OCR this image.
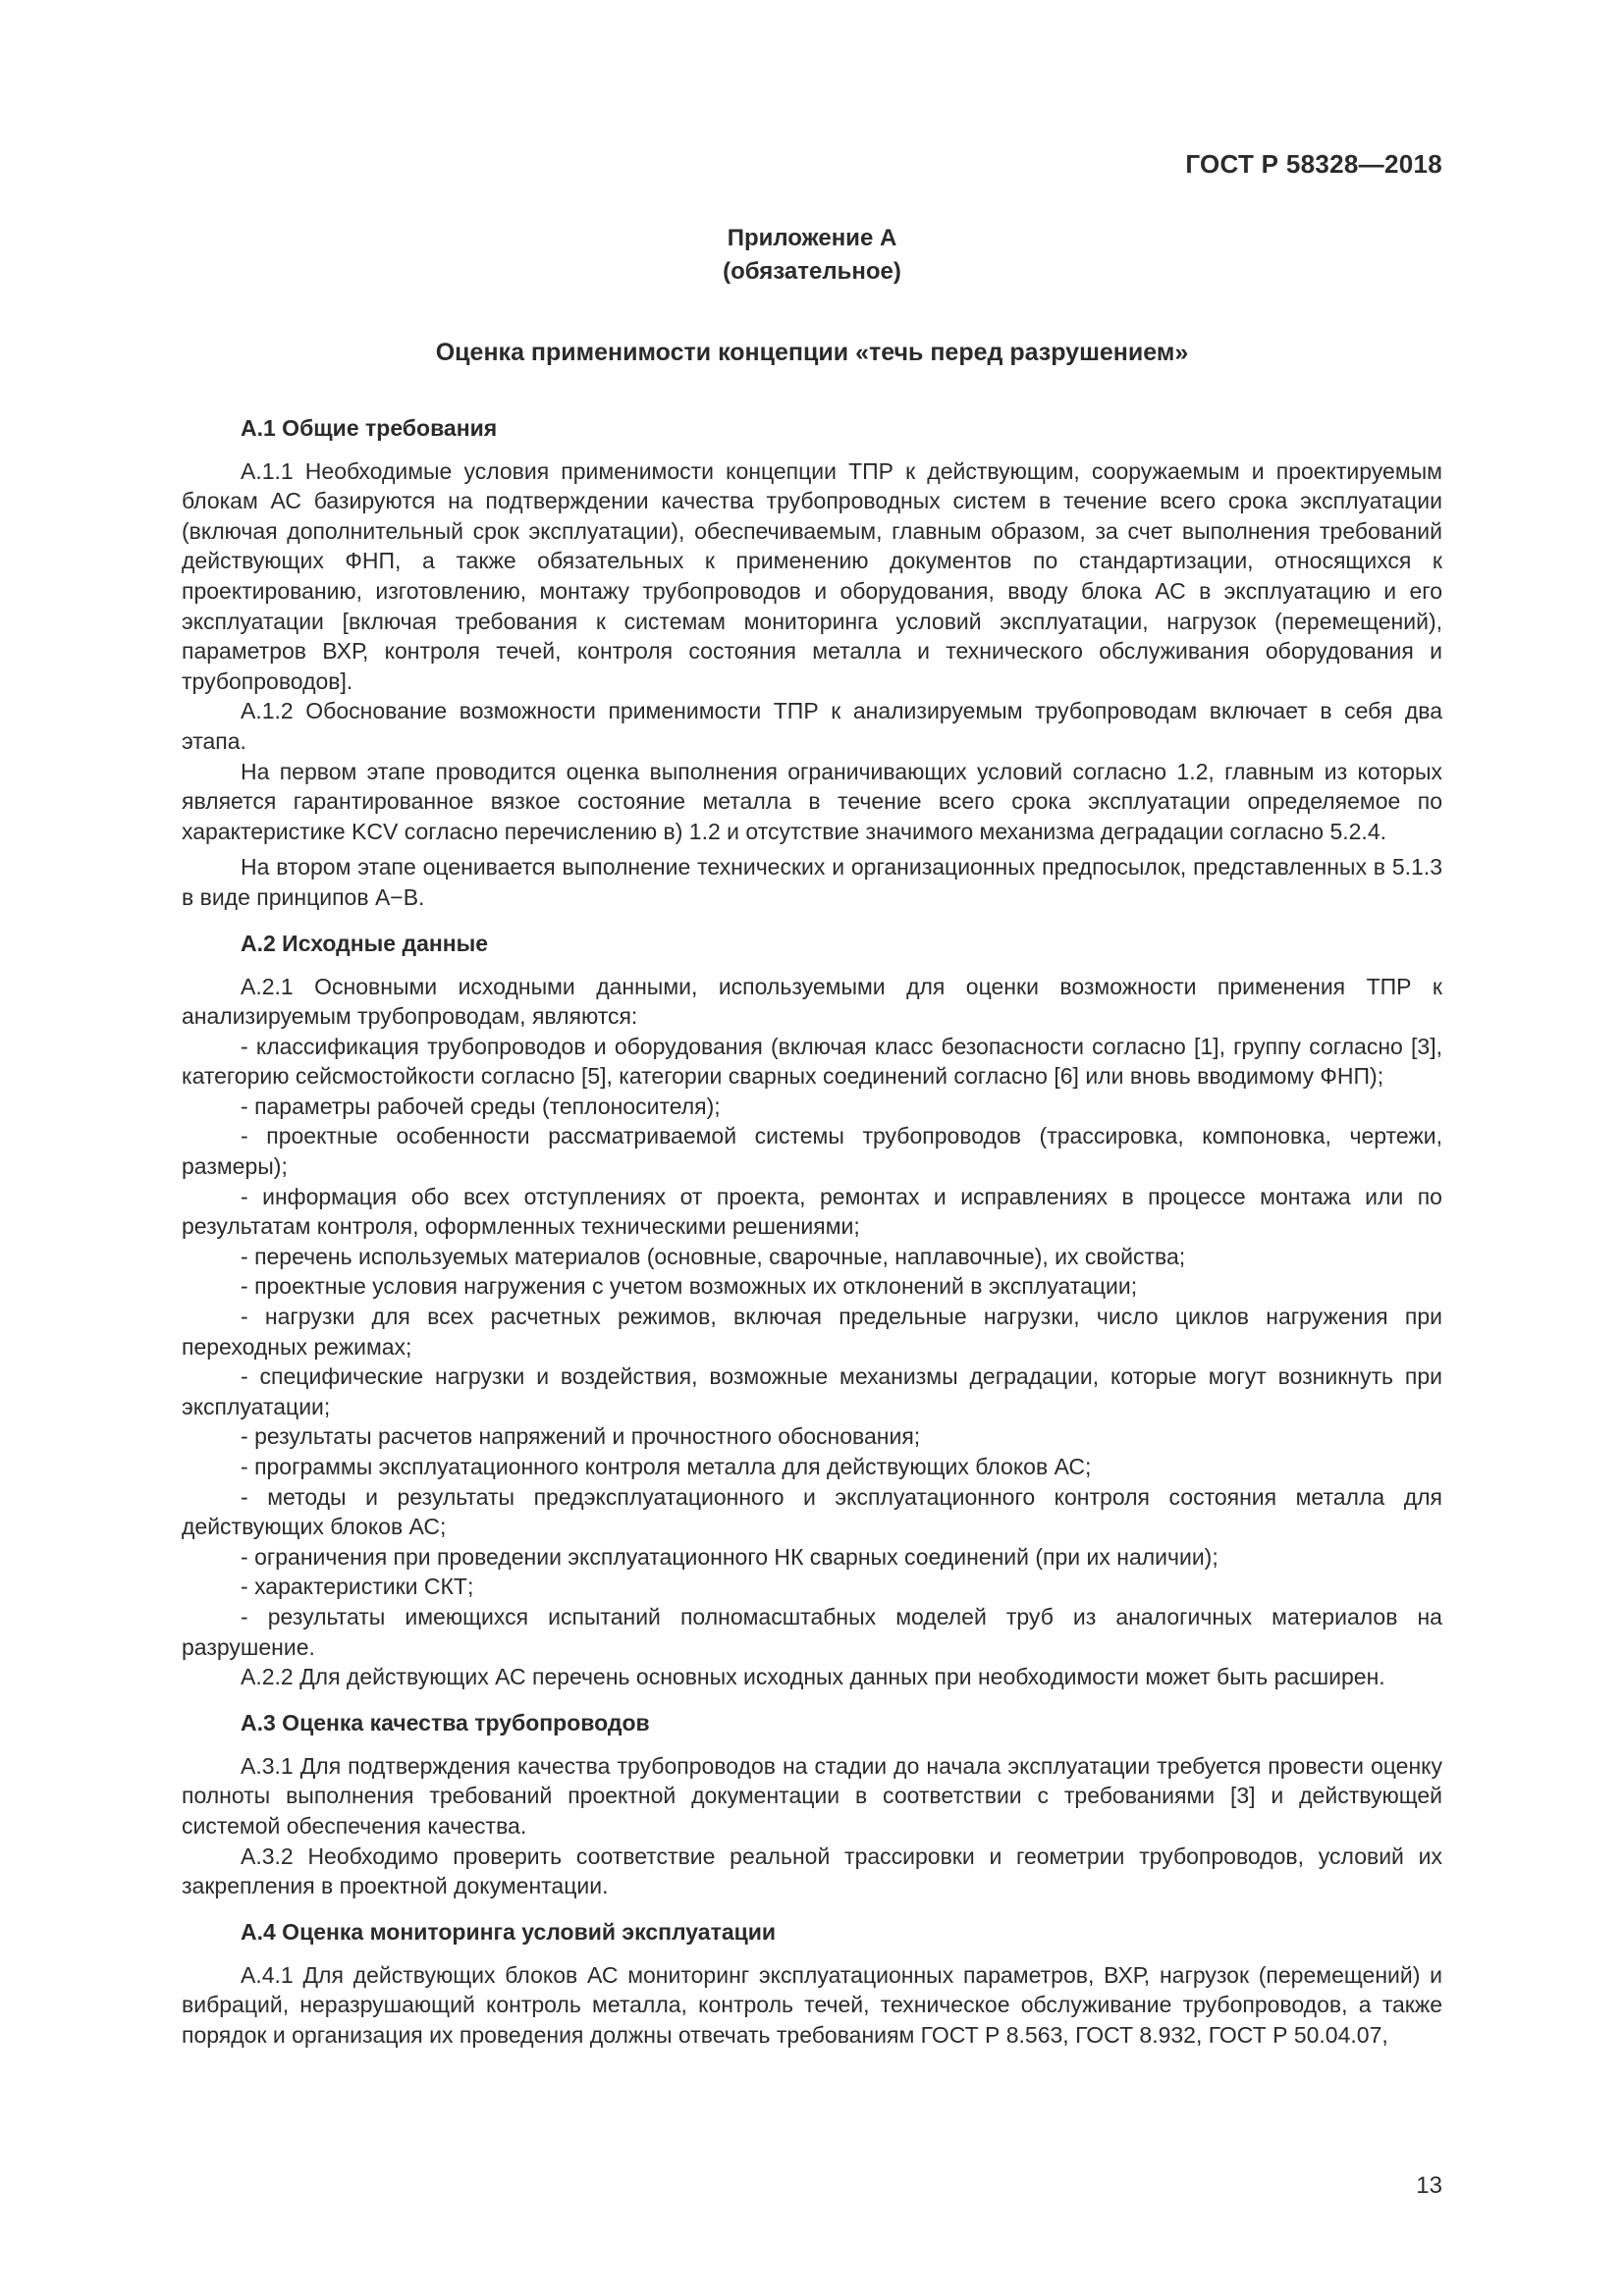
ГОСТ Р 58328—2018
Приложение А
(обязательное)
Оценка применимости концепции «течь перед разрушением»
А.1 Общие требования

А.1.1 Необходимые условия применимости концепции ТПР к действующим, сооружаемым и проектируемым блокам АС базируются на подтверждении качества трубопроводных систем в течение всего срока эксплуатации (включая дополнительный срок эксплуатации), обеспечиваемым, главным образом, за счет выполнения требований действующих ФНП, а также обязательных к применению документов по стандартизации, относящихся к проектированию, изготовлению, монтажу трубопроводов и оборудования, вводу блока АС в эксплуатацию и его эксплуатации [включая требования к системам мониторинга условий эксплуатации, нагрузок (перемещений), параметров ВХР, контроля течей, контроля состояния металла и технического обслуживания оборудования и трубопроводов].

А.1.2 Обоснование возможности применимости ТПР к анализируемым трубопроводам включает в себя два этапа.

На первом этапе проводится оценка выполнения ограничивающих условий согласно 1.2, главным из которых является гарантированное вязкое состояние металла в течение всего срока эксплуатации определяемое по характеристике KCV согласно перечислению в) 1.2 и отсутствие значимого механизма деградации согласно 5.2.4.

На втором этапе оценивается выполнение технических и организационных предпосылок, представленных в 5.1.3 в виде принципов А−В.

А.2 Исходные данные

А.2.1 Основными исходными данными, используемыми для оценки возможности применения ТПР к анализируемым трубопроводам, являются:

- классификация трубопроводов и оборудования (включая класс безопасности согласно [1], группу согласно [3], категорию сейсмостойкости согласно [5], категории сварных соединений согласно [6] или вновь вводимому ФНП);
- параметры рабочей среды (теплоносителя);
- проектные особенности рассматриваемой системы трубопроводов (трассировка, компоновка, чертежи, размеры);
- информация обо всех отступлениях от проекта, ремонтах и исправлениях в процессе монтажа или по результатам контроля, оформленных техническими решениями;
- перечень используемых материалов (основные, сварочные, наплавочные), их свойства;
- проектные условия нагружения с учетом возможных их отклонений в эксплуатации;
- нагрузки для всех расчетных режимов, включая предельные нагрузки, число циклов нагружения при переходных режимах;
- специфические нагрузки и воздействия, возможные механизмы деградации, которые могут возникнуть при эксплуатации;
- результаты расчетов напряжений и прочностного обоснования;
- программы эксплуатационного контроля металла для действующих блоков АС;
- методы и результаты предэксплуатационного и эксплуатационного контроля состояния металла для действующих блоков АС;
- ограничения при проведении эксплуатационного НК сварных соединений (при их наличии);
- характеристики СКТ;
- результаты имеющихся испытаний полномасштабных моделей труб из аналогичных материалов на разрушение.

А.2.2 Для действующих АС перечень основных исходных данных при необходимости может быть расширен.

А.3 Оценка качества трубопроводов

А.3.1 Для подтверждения качества трубопроводов на стадии до начала эксплуатации требуется провести оценку полноты выполнения требований проектной документации в соответствии с требованиями [3] и действующей системой обеспечения качества.

А.3.2 Необходимо проверить соответствие реальной трассировки и геометрии трубопроводов, условий их закрепления в проектной документации.

А.4 Оценка мониторинга условий эксплуатации

А.4.1 Для действующих блоков АС мониторинг эксплуатационных параметров, ВХР, нагрузок (перемещений) и вибраций, неразрушающий контроль металла, контроль течей, техническое обслуживание трубопроводов, а также порядок и организация их проведения должны отвечать требованиям ГОСТ Р 8.563, ГОСТ 8.932, ГОСТ Р 50.04.07,

13
